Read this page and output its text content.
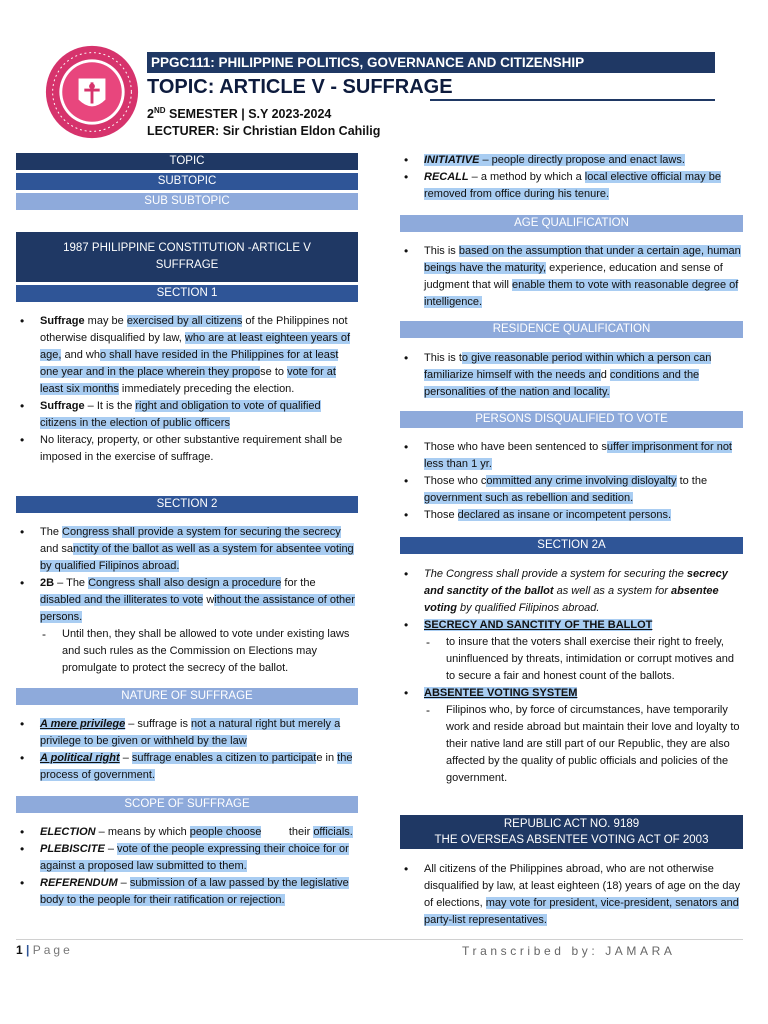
PPGC111: PHILIPPINE POLITICS, GOVERNANCE AND CITIZENSHIP
TOPIC: ARTICLE V - SUFFRAGE
2ND SEMESTER | S.Y 2023-2024
LECTURER: Sir Christian Eldon Cahilig
TOPIC
SUBTOPIC
SUB SUBTOPIC
1987 PHILIPPINE CONSTITUTION -ARTICLE V
SUFFRAGE
SECTION 1
• Suffrage may be exercised by all citizens of the Philippines not otherwise disqualified by law, who are at least eighteen years of age, and who shall have resided in the Philippines for at least one year and in the place wherein they propose to vote for at least six months immediately preceding the election.
• Suffrage – It is the right and obligation to vote of qualified citizens in the election of public officers
• No literacy, property, or other substantive requirement shall be imposed in the exercise of suffrage.
SECTION 2
• The Congress shall provide a system for securing the secrecy and sanctity of the ballot as well as a system for absentee voting by qualified Filipinos abroad.
• 2B – The Congress shall also design a procedure for the disabled and the illiterates to vote without the assistance of other persons.
- Until then, they shall be allowed to vote under existing laws and such rules as the Commission on Elections may promulgate to protect the secrecy of the ballot.
NATURE OF SUFFRAGE
• A mere privilege – suffrage is not a natural right but merely a privilege to be given or withheld by the law
• A political right – suffrage enables a citizen to participate in the process of government.
SCOPE OF SUFFRAGE
• ELECTION – means by which people choose         their officials.
• PLEBISCITE – vote of the people expressing their choice for or against a proposed law submitted to them.
• REFERENDUM – submission of a law passed by the legislative body to the people for their ratification or rejection.
• INITIATIVE – people directly propose and enact laws.
• RECALL – a method by which a local elective official may be removed from office during his tenure.
AGE QUALIFICATION
• This is based on the assumption that under a certain age, human beings have the maturity, experience, education and sense of judgment that will enable them to vote with reasonable degree of intelligence.
RESIDENCE QUALIFICATION
• This is to give reasonable period within which a person can familiarize himself with the needs and conditions and the personalities of the nation and locality.
PERSONS DISQUALIFIED TO VOTE
• Those who have been sentenced to suffer imprisonment for not less than 1 yr.
• Those who committed any crime involving disloyalty to the government such as rebellion and sedition.
• Those declared as insane or incompetent persons.
SECTION 2A
• The Congress shall provide a system for securing the secrecy and sanctity of the ballot as well as a system for absentee voting by qualified Filipinos abroad.
• SECRECY AND SANCTITY OF THE BALLOT
- to insure that the voters shall exercise their right to freely, uninfluenced by threats, intimidation or corrupt motives and to secure a fair and honest count of the ballots.
• ABSENTEE VOTING SYSTEM
- Filipinos who, by force of circumstances, have temporarily work and reside abroad but maintain their love and loyalty to their native land are still part of our Republic, they are also affected by the quality of public officials and policies of the government.
REPUBLIC ACT NO. 9189
THE OVERSEAS ABSENTEE VOTING ACT OF 2003
• All citizens of the Philippines abroad, who are not otherwise disqualified by law, at least eighteen (18) years of age on the day of elections, may vote for president, vice-president, senators and party-list representatives.
1 | Page	Transcribed by: JAMARA
